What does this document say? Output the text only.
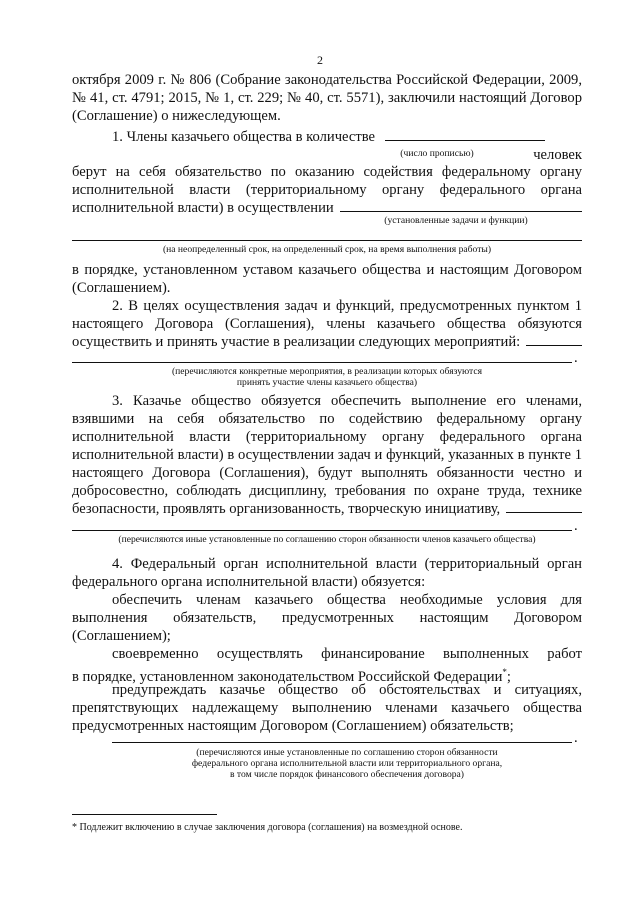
2
октября 2009 г. № 806 (Собрание законодательства Российской Федерации, 2009,
№ 41, ст. 4791; 2015, № 1, ст. 229; № 40, ст. 5571), заключили настоящий Договор
(Соглашение) о нижеследующем.
1. Члены казачьего общества в количестве
человек
(число прописью)
берут на себя обязательство по оказанию содействия федеральному органу
исполнительной власти (территориальному органу федерального органа
исполнительной власти) в осуществлении
(установленные задачи и функции)
(на неопределенный срок, на определенный срок, на время выполнения работы)
в порядке, установленном уставом казачьего общества и настоящим Договором
(Соглашением).
2. В целях осуществления задач и функций, предусмотренных пунктом 1
настоящего Договора (Соглашения), члены казачьего общества обязуются
осуществить и принять участие в реализации следующих мероприятий:
.
(перечисляются конкретные мероприятия, в реализации которых обязуются
принять участие члены казачьего общества)
3. Казачье общество обязуется обеспечить выполнение его членами,
взявшими на себя обязательство по содействию федеральному органу
исполнительной власти (территориальному органу федерального органа
исполнительной власти) в осуществлении задач и функций, указанных в пункте 1
настоящего Договора (Соглашения), будут выполнять обязанности честно и
добросовестно, соблюдать дисциплину, требования по охране труда, технике
безопасности, проявлять организованность, творческую инициативу,
.
(перечисляются иные установленные по соглашению сторон обязанности членов казачьего общества)
4. Федеральный орган исполнительной власти (территориальный орган
федерального органа исполнительной власти) обязуется:
обеспечить членам казачьего общества необходимые условия для
выполнения обязательств, предусмотренных настоящим Договором
(Соглашением);
своевременно осуществлять финансирование выполненных работ
в порядке, установленном законодательством Российской Федерации*;
предупреждать казачье общество об обстоятельствах и ситуациях,
препятствующих надлежащему выполнению членами казачьего общества
предусмотренных настоящим Договором (Соглашением) обязательств;
.
(перечисляются иные установленные по соглашению сторон обязанности
федерального органа исполнительной власти или территориального органа,
в том числе порядок финансового обеспечения договора)
* Подлежит включению в случае заключения договора (соглашения) на возмездной основе.
